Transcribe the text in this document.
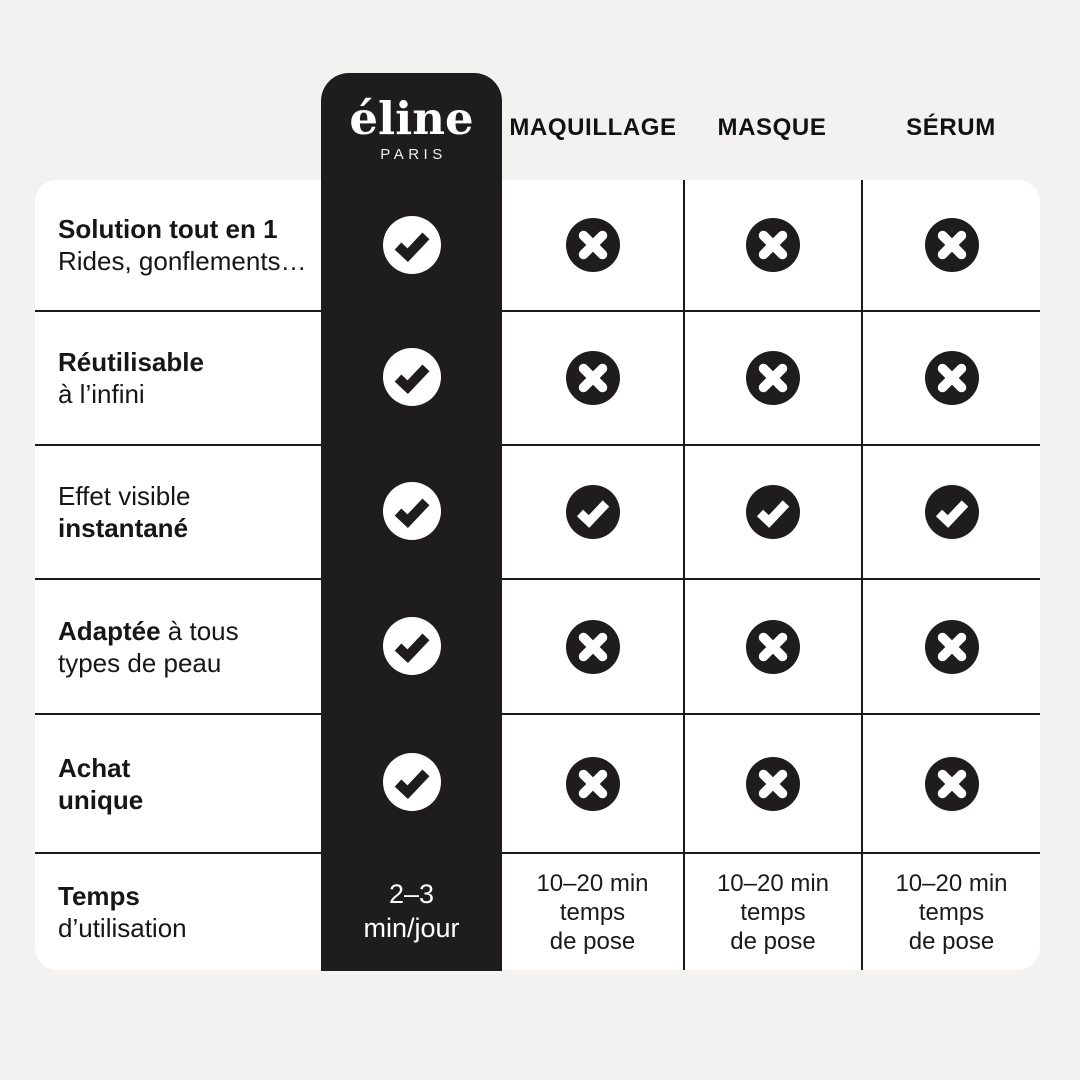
MAQUILLAGE MASQUE	SÉRUM
Solution tout en 1
Rides, gonflements…
Réutilisable
à l’infini
Effet visible
instantané
Adaptée à tous
types de peau
Achat
unique
Temps
d’utilisation
10–20 min
temps
de pose
10–20 min
temps
de pose
10–20 min
temps
de pose
éline
PARIS
2–3
min/jour
